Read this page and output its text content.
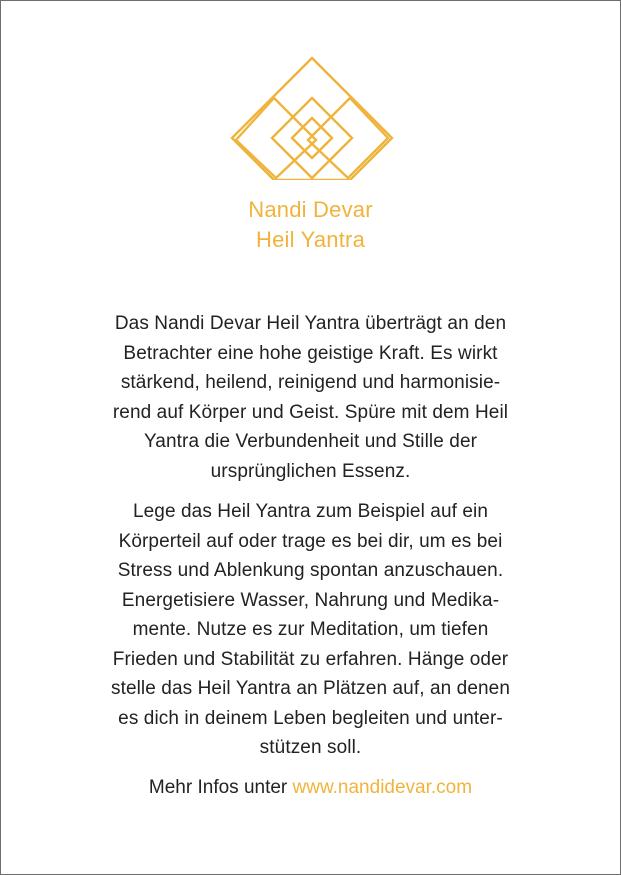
Nandi Devar
Heil Yantra
Das Nandi Devar Heil Yantra überträgt an den
Betrachter eine hohe geistige Kraft. Es wirkt
stärkend, heilend, reinigend und harmonisie-
rend auf Körper und Geist. Spüre mit dem Heil
Yantra die Verbundenheit und Stille der
ursprünglichen Essenz.
Lege das Heil Yantra zum Beispiel auf ein
Körperteil auf oder trage es bei dir, um es bei
Stress und Ablenkung spontan anzuschauen.
Energetisiere Wasser, Nahrung und Medika-
mente. Nutze es zur Meditation, um tiefen
Frieden und Stabilität zu erfahren. Hänge oder
stelle das Heil Yantra an Plätzen auf, an denen
es dich in deinem Leben begleiten und unter-
stützen soll.
Mehr Infos unter www.nandidevar.com
